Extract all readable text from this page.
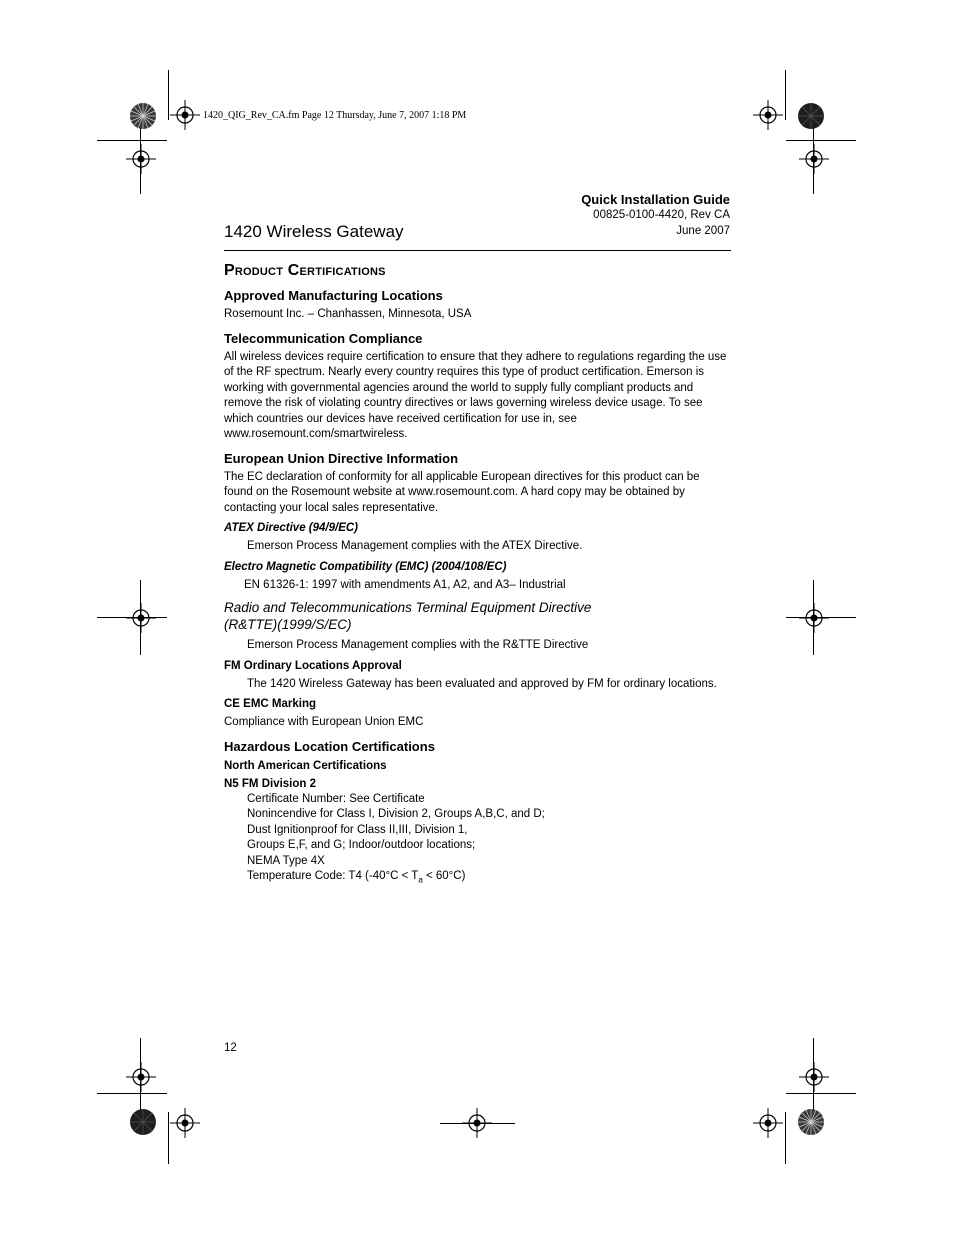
1420_QIG_Rev_CA.fm Page 12 Thursday, June 7, 2007 1:18 PM
Quick Installation Guide
00825-0100-4420, Rev CA
June 2007
1420 Wireless Gateway
Product Certifications
Approved Manufacturing Locations

Rosemount Inc. – Chanhassen, Minnesota, USA

Telecommunication Compliance

All wireless devices require certification to ensure that they adhere to regulations regarding the use of the RF spectrum. Nearly every country requires this type of product certification. Emerson is working with governmental agencies around the world to supply fully compliant products and remove the risk of violating country directives or laws governing wireless device usage. To see which countries our devices have received certification for use in, see www.rosemount.com/smartwireless.

European Union Directive Information

The EC declaration of conformity for all applicable European directives for this product can be found on the Rosemount website at www.rosemount.com. A hard copy may be obtained by contacting your local sales representative.

ATEX Directive (94/9/EC)

Emerson Process Management complies with the ATEX Directive.

Electro Magnetic Compatibility (EMC) (2004/108/EC)

EN 61326-1: 1997 with amendments A1, A2, and A3– Industrial

Radio and Telecommunications Terminal Equipment Directive
(R&TTE)(1999/S/EC)

Emerson Process Management complies with the R&TTE Directive

FM Ordinary Locations Approval

The 1420 Wireless Gateway has been evaluated and approved by FM for ordinary locations.

CE EMC Marking

Compliance with European Union EMC

Hazardous Location Certifications
North American Certifications
N5 FM Division 2

Certificate Number: See Certificate

Nonincendive for Class I, Division 2, Groups A,B,C, and D;

Dust Ignitionproof for Class II,III, Division 1,

Groups E,F, and G; Indoor/outdoor locations;

NEMA Type 4X

Temperature Code: T4 $(-40^\circ C < T_a < 60^\circ C)$

12
